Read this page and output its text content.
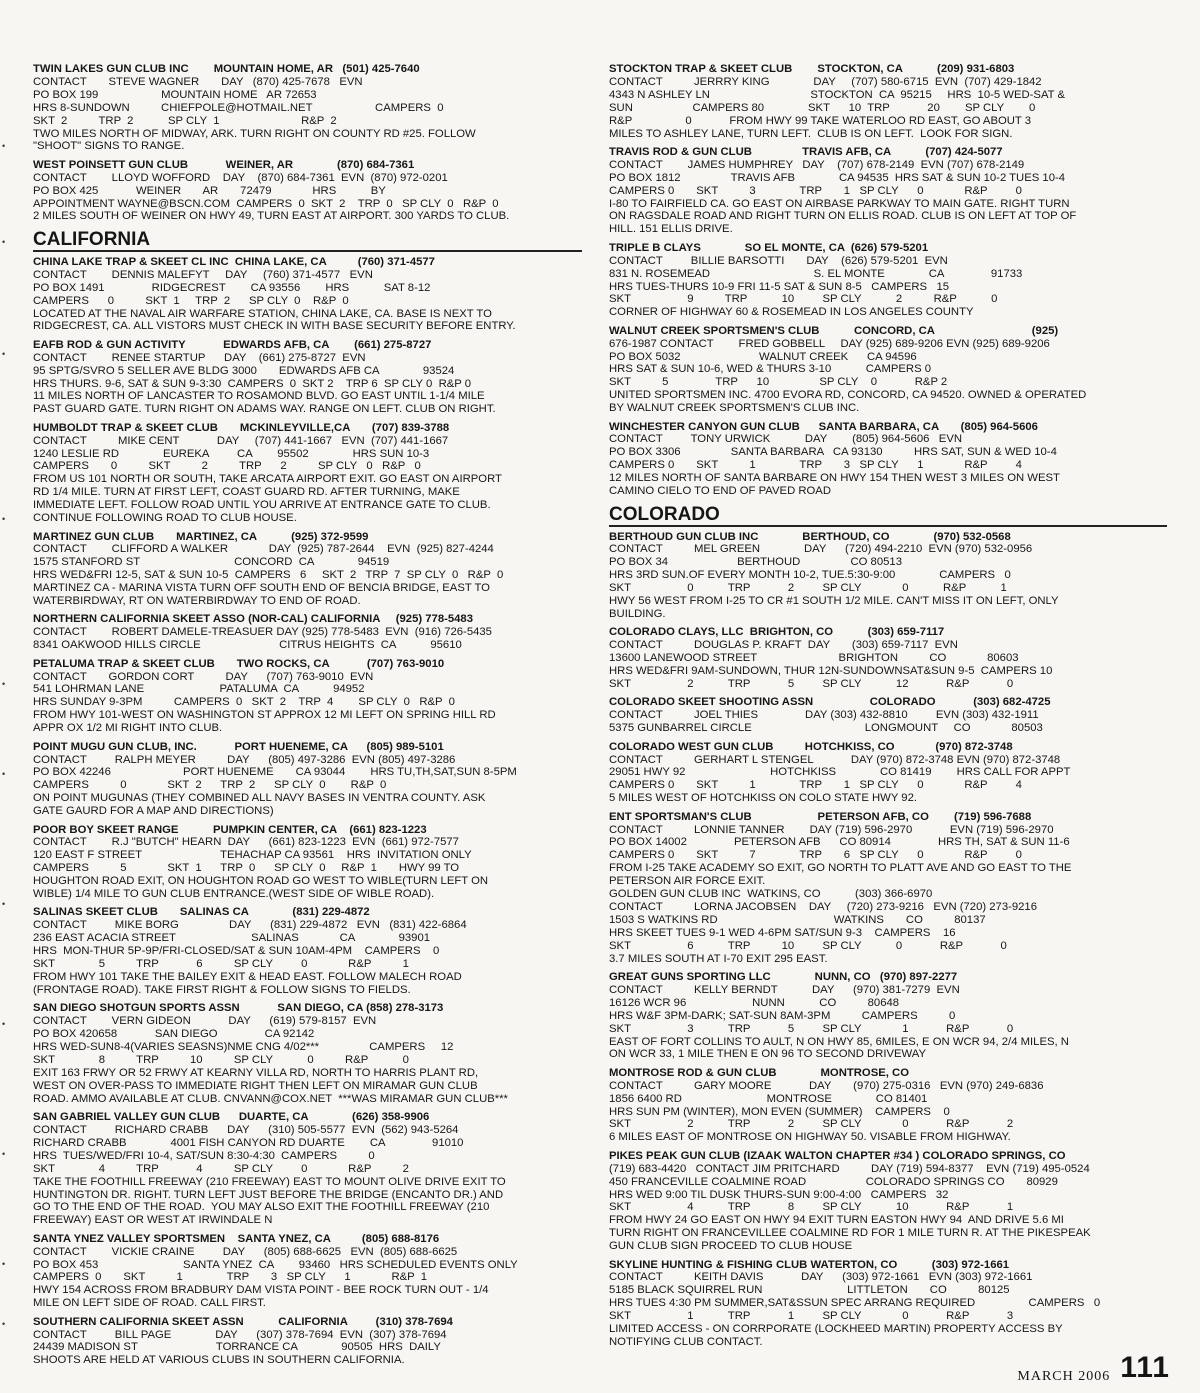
•
•
•
•
•
•
•
•
•
•
•
TWIN LAKES GUN CLUB INC        MOUNTAIN HOME, AR   (501) 425-7640
CONTACT       STEVE WAGNER       DAY   (870) 425-7678   EVN
PO BOX 199                    MOUNTAIN HOME   AR 72653
HRS 8-SUNDOWN          CHIEFPOLE@HOTMAIL.NET                    CAMPERS  0
SKT  2          TRP  2           SP CLY  1                          R&P  2
TWO MILES NORTH OF MIDWAY, ARK. TURN RIGHT ON COUNTY RD #25. FOLLOW
"SHOOT" SIGNS TO RANGE.
WEST POINSETT GUN CLUB            WEINER, AR              (870) 684-7361
CONTACT        LLOYD WOFFORD    DAY    (870) 684-7361  EVN  (870) 972-0201
PO BOX 425            WEINER       AR       72479             HRS           BY
APPOINTMENT WAYNE@BSCN.COM  CAMPERS  0  SKT  2    TRP  0   SP CLY  0   R&P  0
2 MILES SOUTH OF WEINER ON HWY 49, TURN EAST AT AIRPORT. 300 YARDS TO CLUB.
CALIFORNIA
CHINA LAKE TRAP & SKEET CL INC  CHINA LAKE, CA          (760) 371-4577
CONTACT        DENNIS MALEFYT     DAY     (760) 371-4577   EVN
PO BOX 1491               RIDGECREST        CA 93556        HRS           SAT 8-12
CAMPERS      0          SKT  1     TRP  2      SP CLY  0    R&P  0
LOCATED AT THE NAVAL AIR WARFARE STATION, CHINA LAKE, CA. BASE IS NEXT TO
RIDGECREST, CA. ALL VISTORS MUST CHECK IN WITH BASE SECURITY BEFORE ENTRY.
EAFB ROD & GUN ACTIVITY            EDWARDS AFB, CA        (661) 275-8727
CONTACT        RENEE STARTUP      DAY    (661) 275-8727  EVN
95 SPTG/SVRO 5 SELLER AVE BLDG 3000       EDWARDS AFB CA              93524
HRS THURS. 9-6, SAT & SUN 9-3:30  CAMPERS  0  SKT 2    TRP 6  SP CLY 0  R&P 0
11 MILES NORTH OF LANCASTER TO ROSAMOND BLVD. GO EAST UNTIL 1-1/4 MILE
PAST GUARD GATE. TURN RIGHT ON ADAMS WAY. RANGE ON LEFT. CLUB ON RIGHT.
HUMBOLDT TRAP & SKEET CLUB       MCKINLEYVILLE,CA       (707) 839-3788
CONTACT          MIKE CENT            DAY     (707) 441-1667   EVN  (707) 441-1667
1240 LESLIE RD              EUREKA         CA        95502              HRS SUN 10-3
CAMPERS       0          SKT          2          TRP      2          SP CLY   0   R&P   0
FROM US 101 NORTH OR SOUTH, TAKE ARCATA AIRPORT EXIT. GO EAST ON AIRPORT
RD 1/4 MILE. TURN AT FIRST LEFT, COAST GUARD RD. AFTER TURNING, MAKE
IMMEDIATE LEFT. FOLLOW ROAD UNTIL YOU ARRIVE AT ENTRANCE GATE TO CLUB.
CONTINUE FOLLOWING ROAD TO CLUB HOUSE.
MARTINEZ GUN CLUB       MARTINEZ, CA           (925) 372-9599
CONTACT        CLIFFORD A WALKER             DAY  (925) 787-2644    EVN  (925) 827-4244
1575 STANFORD ST                              CONCORD  CA              94519
HRS WED&FRI 12-5, SAT & SUN 10-5  CAMPERS   6     SKT  2   TRP  7  SP CLY  0   R&P  0
MARTINEZ CA - MARINA VISTA TURN OFF SOUTH END OF BENCIA BRIDGE, EAST TO
WATERBIRDWAY, RT ON WATERBIRDWAY TO END OF ROAD.
NORTHERN CALIFORNIA SKEET ASSO (NOR-CAL) CALIFORNIA     (925) 778-5483
CONTACT        ROBERT DAMELE-TREASUER DAY (925) 778-5483  EVN  (916) 726-5435
8341 OAKWOOD HILLS CIRCLE                         CITRUS HEIGHTS  CA           95610
PETALUMA TRAP & SKEET CLUB       TWO ROCKS, CA            (707) 763-9010
CONTACT       GORDON CORT          DAY      (707) 763-9010  EVN
541 LOHRMAN LANE                        PATALUMA  CA           94952
HRS SUNDAY 9-3PM          CAMPERS  0   SKT  2    TRP  4        SP CLY  0   R&P  0
FROM HWY 101-WEST ON WASHINGTON ST APPROX 12 MI LEFT ON SPRING HILL RD
APPR OX 1/2 MI RIGHT INTO CLUB.
POINT MUGU GUN CLUB, INC.            PORT HUENEME, CA      (805) 989-5101
CONTACT         RALPH MEYER          DAY      (805) 497-3286  EVN (805) 497-3286
PO BOX 42246                       PORT HUENEME       CA 93044        HRS TU,TH,SAT,SUN 8-5PM
CAMPERS          0             SKT  2      TRP  2      SP CLY  0        R&P  0
ON POINT MUGUNAS (THEY COMBINED ALL NAVY BASES IN VENTRA COUNTY. ASK
GATE GAURD FOR A MAP AND DIRECTIONS)
POOR BOY SKEET RANGE           PUMPKIN CENTER, CA    (661) 823-1223
CONTACT        R.J "BUTCH" HEARN  DAY      (661) 823-1223  EVN  (661) 972-7577
120 EAST F STREET                         TEHACHAP CA 93561    HRS  INVITATION ONLY
CAMPERS          5             SKT  1      TRP  0      SP CLY  0     R&P  1       HWY 99 TO
HOUGHTON ROAD EXIT, ON HOUGHTON ROAD GO WEST TO WIBLE(TURN LEFT ON
WIBLE) 1/4 MILE TO GUN CLUB ENTRANCE.(WEST SIDE OF WIBLE ROAD).
SALINAS SKEET CLUB       SALINAS CA              (831) 229-4872
CONTACT         MIKE BORG                DAY      (831) 229-4872   EVN   (831) 422-6864
236 EAST ACACIA STREET                        SALINAS             CA              93901
HRS  MON-THUR 5P-9P/FRI-CLOSED/SAT & SUN 10AM-4PM    CAMPERS    0
SKT              5          TRP            6          SP CLY         0             R&P          1
FROM HWY 101 TAKE THE BAILEY EXIT & HEAD EAST. FOLLOW MALECH ROAD
(FRONTAGE ROAD). TAKE FIRST RIGHT & FOLLOW SIGNS TO FIELDS.
SAN DIEGO SHOTGUN SPORTS ASSN            SAN DIEGO, CA (858) 278-3173
CONTACT        VERN GIDEON            DAY      (619) 579-8157  EVN
PO BOX 420658            SAN DIEGO               CA 92142
HRS WED-SUN8-4(VARIES SEASNS)NME CNG 4/02***                CAMPERS     12
SKT              8          TRP          10          SP CLY           0          R&P           0
EXIT 163 FRWY OR 52 FRWY AT KEARNY VILLA RD, NORTH TO HARRIS PLANT RD,
WEST ON OVER-PASS TO IMMEDIATE RIGHT THEN LEFT ON MIRAMAR GUN CLUB
ROAD. AMMO AVAILABLE AT CLUB. CNVANN@COX.NET  ***WAS MIRAMAR GUN CLUB***
SAN GABRIEL VALLEY GUN CLUB      DUARTE, CA              (626) 358-9906
CONTACT         RICHARD CRABB      DAY      (310) 505-5577  EVN  (562) 943-5264
RICHARD CRABB              4001 FISH CANYON RD DUARTE        CA               91010
HRS  TUES/WED/FRI 10-4, SAT/SUN 8:30-4:30  CAMPERS          0
SKT              4          TRP            4          SP CLY         0             R&P          2
TAKE THE FOOTHILL FREEWAY (210 FREEWAY) EAST TO MOUNT OLIVE DRIVE EXIT TO
HUNTINGTON DR. RIGHT. TURN LEFT JUST BEFORE THE BRIDGE (ENCANTO DR.) AND
GO TO THE END OF THE ROAD.  YOU MAY ALSO EXIT THE FOOTHILL FREEWAY (210
FREEWAY) EAST OR WEST AT IRWINDALE N
SANTA YNEZ VALLEY SPORTSMEN    SANTA YNEZ, CA          (805) 688-8176
CONTACT        VICKIE CRAINE         DAY      (805) 688-6625   EVN  (805) 688-6625
PO BOX 453                           SANTA YNEZ  CA        93460   HRS SCHEDULED EVENTS ONLY
CAMPERS  0       SKT          1              TRP       3   SP CLY      1             R&P  1
HWY 154 ACROSS FROM BRADBURY DAM VISTA POINT - BEE ROCK TURN OUT - 1/4
MILE ON LEFT SIDE OF ROAD. CALL FIRST.
SOUTHERN CALIFORNIA SKEET ASSN           CALIFORNIA         (310) 378-7694
CONTACT         BILL PAGE              DAY      (307) 378-7694  EVN  (307) 378-7694
24439 MADISON ST                         TORRANCE CA              90505  HRS  DAILY
SHOOTS ARE HELD AT VARIOUS CLUBS IN SOUTHERN CALIFORNIA.
STOCKTON TRAP & SKEET CLUB        STOCKTON, CA           (209) 931-6803
CONTACT          JERRRY KING              DAY     (707) 580-6715  EVN  (707) 429-1842
4343 N ASHLEY LN                                STOCKTON  CA  95215     HRS  10-5 WED-SAT &
SUN                   CAMPERS 80              SKT      10  TRP            20        SP CLY        0
R&P                 0            FROM HWY 99 TAKE WATERLOO RD EAST, GO ABOUT 3
MILES TO ASHLEY LANE, TURN LEFT.  CLUB IS ON LEFT.  LOOK FOR SIGN.
TRAVIS ROD & GUN CLUB                TRAVIS AFB, CA           (707) 424-5077
CONTACT        JAMES HUMPHREY   DAY    (707) 678-2149  EVN (707) 678-2149
PO BOX 1812                TRAVIS AFB              CA 94535  HRS SAT & SUN 10-2 TUES 10-4
CAMPERS 0       SKT          3              TRP       1   SP CLY      0             R&P         0
I-80 TO FAIRFIELD CA. GO EAST ON AIRBASE PARKWAY TO MAIN GATE. RIGHT TURN
ON RAGSDALE ROAD AND RIGHT TURN ON ELLIS ROAD. CLUB IS ON LEFT AT TOP OF
HILL. 151 ELLIS DRIVE.
TRIPLE B CLAYS              SO EL MONTE, CA  (626) 579-5201
CONTACT         BILLIE BARSOTTI       DAY    (626) 579-5201  EVN
831 N. ROSEMEAD                                 S. EL MONTE              CA               91733
HRS TUES-THURS 10-9 FRI 11-5 SAT & SUN 8-5   CAMPERS   15
SKT                  9          TRP           10         SP CLY           2          R&P           0
CORNER OF HIGHWAY 60 & ROSEMEAD IN LOS ANGELES COUNTY
WALNUT CREEK SPORTSMEN'S CLUB           CONCORD, CA                               (925)
676-1987 CONTACT        FRED GOBBELL     DAY (925) 689-9206 EVN (925) 689-9206
PO BOX 5032                         WALNUT CREEK      CA 94596
HRS SAT & SUN 10-6, WED & THURS 3-10           CAMPERS 0
SKT          5               TRP      10                SP CLY    0            R&P 2
UNITED SPORTSMEN INC. 4700 EVORA RD, CONCORD, CA 94520. OWNED & OPERATED
BY WALNUT CREEK SPORTSMEN'S CLUB INC.
WINCHESTER CANYON GUN CLUB      SANTA BARBARA, CA       (805) 964-5606
CONTACT         TONY URWICK           DAY        (805) 964-5606   EVN
PO BOX 3306                SANTA BARBARA   CA 93130          HRS SAT, SUN & WED 10-4
CAMPERS 0       SKT          1              TRP       3   SP CLY      1             R&P         4
12 MILES NORTH OF SANTA BARBARE ON HWY 154 THEN WEST 3 MILES ON WEST
CAMINO CIELO TO END OF PAVED ROAD
COLORADO
BERTHOUD GUN CLUB INC              BERTHOUD, CO              (970) 532-0568
CONTACT          MEL GREEN              DAY      (720) 494-2210  EVN (970) 532-0956
PO BOX 34                      BERTHOUD                CO 80513
HRS 3RD SUN.OF EVERY MONTH 10-2, TUE.5:30-9:00              CAMPERS   0
SKT                  0           TRP            2         SP CLY             0           R&P           1
HWY 56 WEST FROM I-25 TO CR #1 SOUTH 1/2 MILE. CAN'T MISS IT ON LEFT, ONLY
BUILDING.
COLORADO CLAYS, LLC  BRIGHTON, CO           (303) 659-7117
CONTACT          DOUGLAS P. KRAFT  DAY       (303) 659-7117  EVN
13600 LANEWOOD STREET                          BRIGHTON          CO             80603
HRS WED&FRI 9AM-SUNDOWN, THUR 12N-SUNDOWNSAT&SUN 9-5  CAMPERS 10
SKT                  2           TRP            5         SP CLY           12            R&P            0
COLORADO SKEET SHOOTING ASSN                  COLORADO            (303) 682-4725
CONTACT          JOEL THIES               DAY (303) 432-8810         EVN (303) 432-1911
5375 GUNBARREL CIRCLE                                    LONGMOUNT     CO             80503
COLORADO WEST GUN CLUB          HOTCHKISS, CO             (970) 872-3748
CONTACT          GERHART L STENGEL            DAY (970) 872-3748 EVN (970) 872-3748
29051 HWY 92                           HOTCHKISS              CO 81419        HRS CALL FOR APPT
CAMPERS 0       SKT          1              TRP       1   SP CLY      0             R&P         4
5 MILES WEST OF HOTCHKISS ON COLO STATE HWY 92.
ENT SPORTSMAN'S CLUB                     PETERSON AFB, CO        (719) 596-7688
CONTACT          LONNIE TANNER        DAY (719) 596-2970            EVN (719) 596-2970
PO BOX 14002               PETERSON AFB      CO 80914               HRS TH, SAT & SUN 11-6
CAMPERS 0       SKT          7              TRP       6   SP CLY      0             R&P         0
FROM I-25 TAKE ACADEMY SO EXIT, GO NORTH TO PLATT AVE AND GO EAST TO THE
PETERSON AIR FORCE EXIT.
GOLDEN GUN CLUB INC  WATKINS, CO           (303) 366-6970
CONTACT          LORNA JACOBSEN    DAY     (720) 273-9216   EVN (720) 273-9216
1503 S WATKINS RD                                     WATKINS       CO          80137
HRS SKEET TUES 9-1 WED 4-6PM SAT/SUN 9-3    CAMPERS    16
SKT                  6           TRP          10         SP CLY           0            R&P            0
3.7 MILES SOUTH AT I-70 EXIT 295 EAST.
GREAT GUNS SPORTING LLC              NUNN, CO   (970) 897-2277
CONTACT          KELLY BERNDT           DAY      (970) 381-7279  EVN
16126 WCR 96                     NUNN           CO          80648
HRS W&F 3PM-DARK; SAT-SUN 8AM-3PM          CAMPERS          0
SKT                  3           TRP            5         SP CLY             1            R&P            0
EAST OF FORT COLLINS TO AULT, N ON HWY 85, 6MILES, E ON WCR 94, 2/4 MILES, N
ON WCR 33, 1 MILE THEN E ON 96 TO SECOND DRIVEWAY
MONTROSE ROD & GUN CLUB              MONTROSE, CO
CONTACT          GARY MOORE            DAY       (970) 275-0316   EVN (970) 249-6836
1856 6400 RD                           MONTROSE              CO 81401
HRS SUN PM (WINTER), MON EVEN (SUMMER)    CAMPERS    0
SKT                  2           TRP            2         SP CLY             0            R&P            2
6 MILES EAST OF MONTROSE ON HIGHWAY 50. VISABLE FROM HIGHWAY.
PIKES PEAK GUN CLUB (IZAAK WALTON CHAPTER #34 ) COLORADO SPRINGS, CO
(719) 683-4420   CONTACT JIM PRITCHARD          DAY (719) 594-8377    EVN (719) 495-0524
450 FRANCEVILLE COALMINE ROAD                   COLORADO SPRINGS CO       80929
HRS WED 9:00 TIL DUSK THURS-SUN 9:00-4:00   CAMPERS   32
SKT                  4           TRP            8         SP CLY           10            R&P            1
FROM HWY 24 GO EAST ON HWY 94 EXIT TURN EASTON HWY 94  AND DRIVE 5.6 MI
TURN RIGHT ON FRANCEVILLEE COALMINE RD FOR 1 MILE TURN R. AT THE PIKESPEAK
GUN CLUB SIGN PROCEED TO CLUB HOUSE
SKYLINE HUNTING & FISHING CLUB WATERTON, CO           (303) 972-1661
CONTACT          KEITH DAVIS            DAY      (303) 972-1661   EVN (303) 972-1661
5185 BLACK SQUIRREL RUN                           LITTLETON       CO          80125
HRS TUES 4:30 PM SUMMER,SAT&SSUN SPEC ARRANG REQUIRED                 CAMPERS   0
SKT                  1           TRP            1         SP CLY             0            R&P            3
LIMITED ACCESS - ON CORRPORATE (LOCKHEED MARTIN) PROPERTY ACCESS BY
NOTIFYING CLUB CONTACT.
MARCH 2006 111
